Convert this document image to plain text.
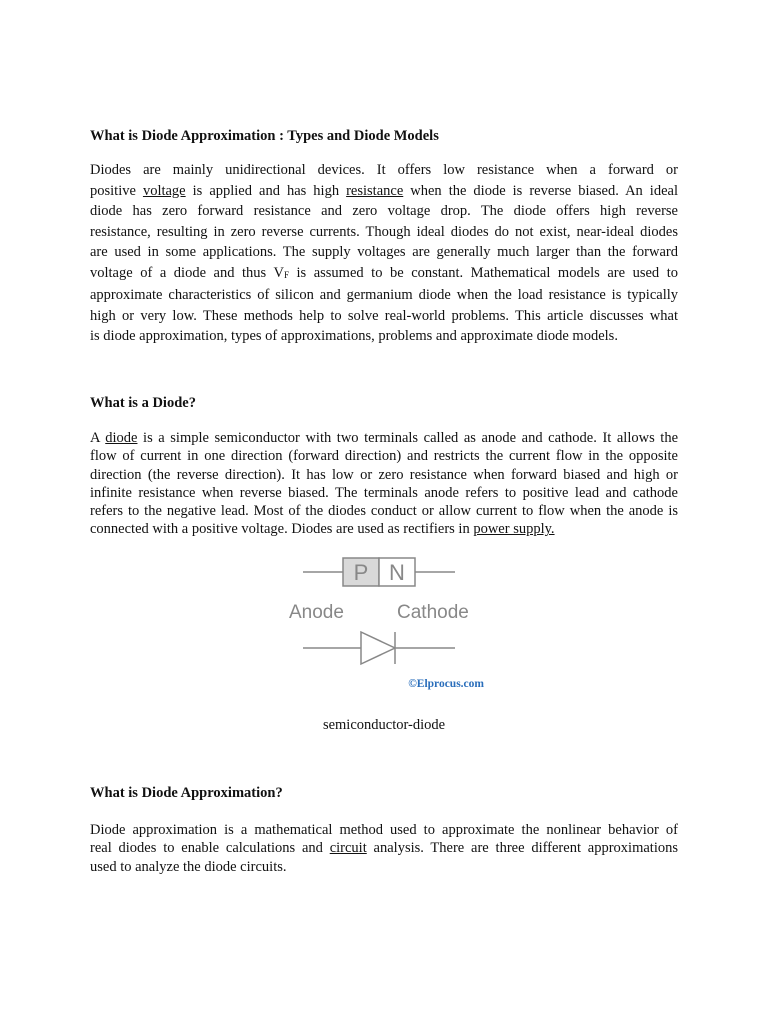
What is Diode Approximation : Types and Diode Models
Diodes are mainly unidirectional devices. It offers low resistance when a forward or
positive voltage is applied and has high resistance when the diode is reverse biased. An ideal
diode has zero forward resistance and zero voltage drop. The diode offers high reverse
resistance, resulting in zero reverse currents. Though ideal diodes do not exist, near-ideal diodes
are used in some applications. The supply voltages are generally much larger than the forward
voltage of a diode and thus $V_F$ is assumed to be constant. Mathematical models are used to
approximate characteristics of silicon and germanium diode when the load resistance is typically
high or very low. These methods help to solve real-world problems. This article discusses what
is diode approximation, types of approximations, problems and approximate diode models.
What is a Diode?
A diode is a simple semiconductor with two terminals called as anode and cathode. It allows the
flow of current in one direction (forward direction) and restricts the current flow in the opposite
direction (the reverse direction). It has low or zero resistance when forward biased and high or
infinite resistance when reverse biased. The terminals anode refers to positive lead and cathode
refers to the negative lead. Most of the diodes conduct or allow current to flow when the anode is
connected with a positive voltage. Diodes are used as rectifiers in power supply.
P N
Anode	Cathode
©Elprocus.com
semiconductor-diode
What is Diode Approximation?
Diode approximation is a mathematical method used to approximate the nonlinear behavior of
real diodes to enable calculations and circuit analysis. There are three different approximations
used to analyze the diode circuits.
